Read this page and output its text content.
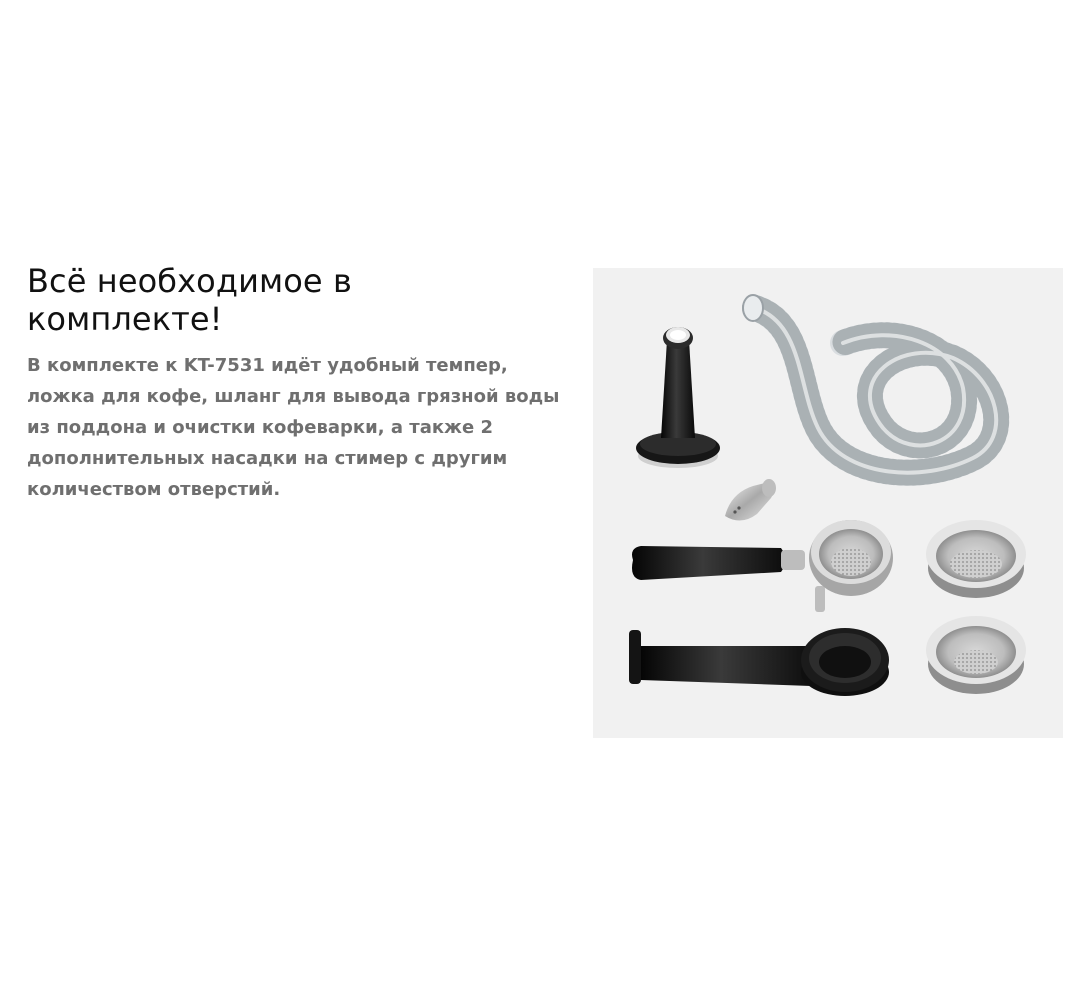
Всё необходимое в
комплекте!

В комплекте к KT-7531 идёт удобный темпер, ложка для кофе, шланг для вывода грязной воды из поддона и очистки кофеварки, а также 2 дополнительных насадки на стимер с другим количеством отверстий.
